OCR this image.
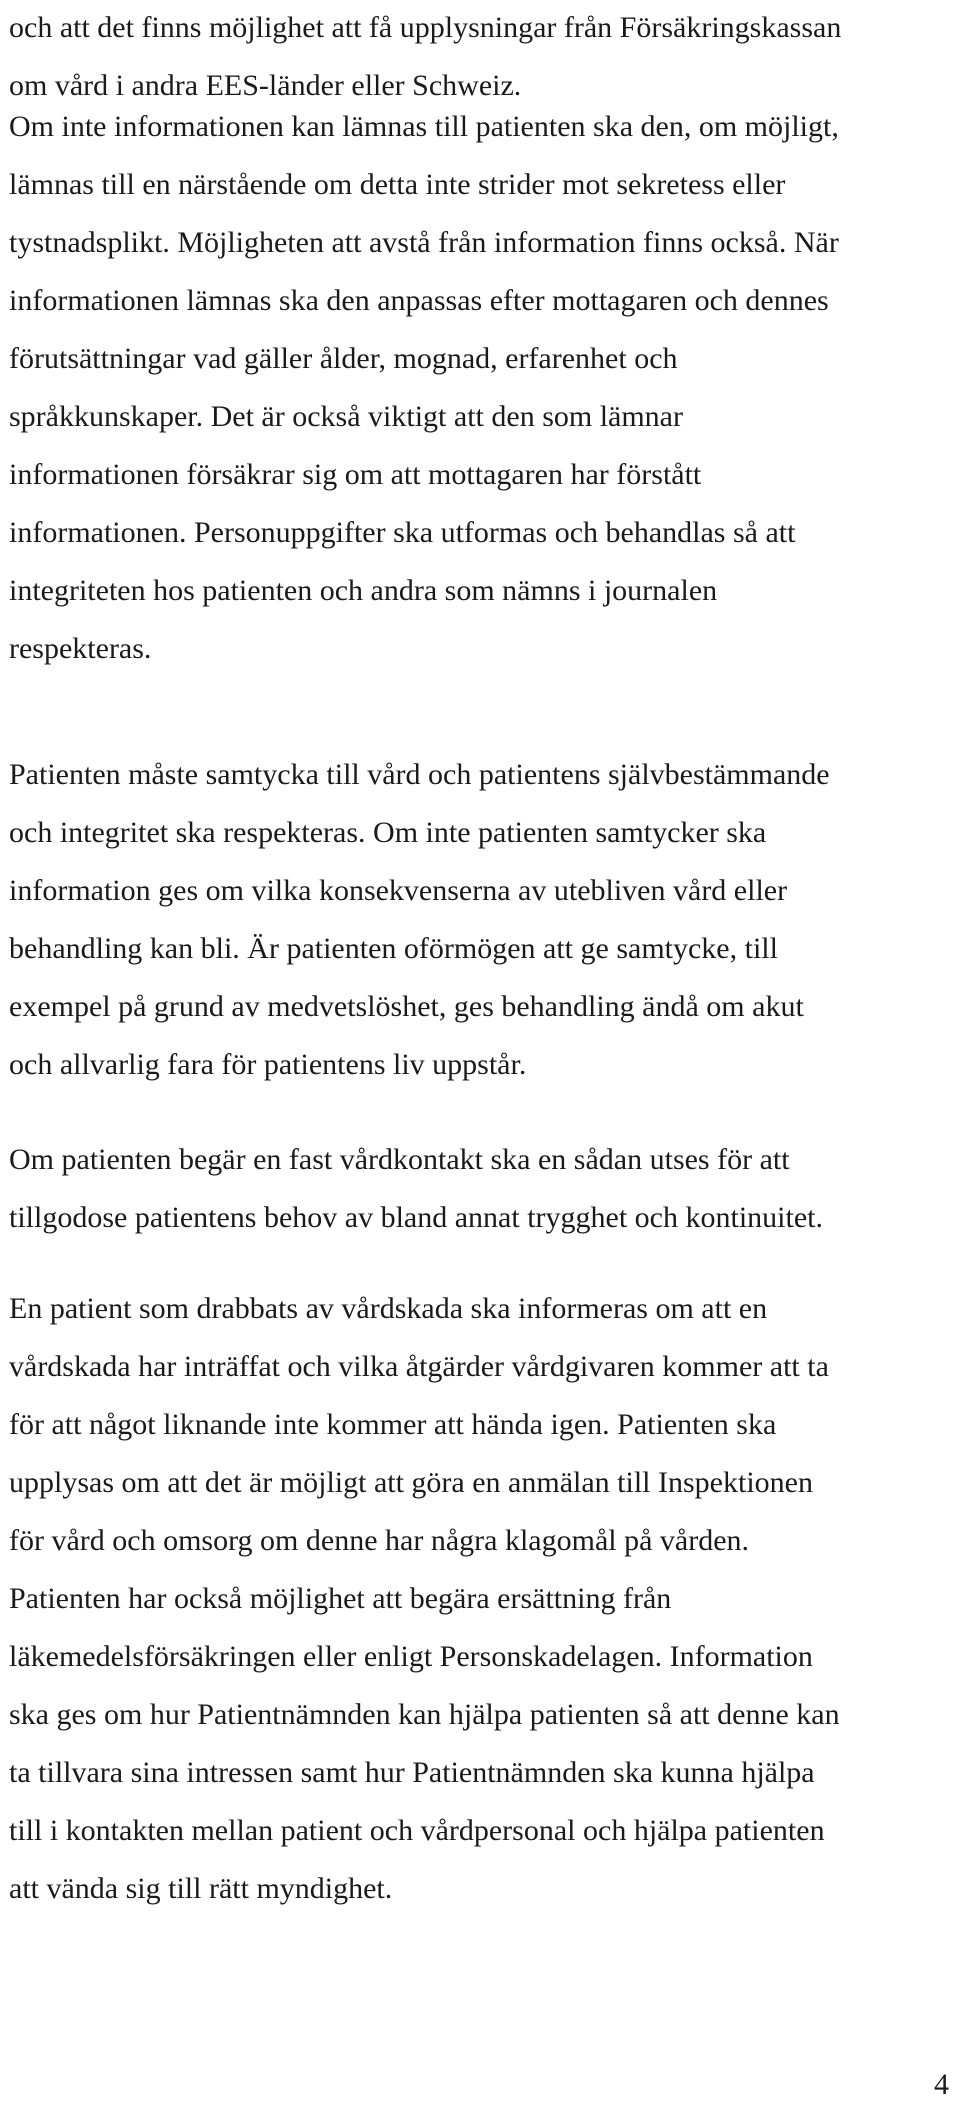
och att det finns möjlighet att få upplysningar från Försäkringskassan
om vård i andra EES-länder eller Schweiz.

Om inte informationen kan lämnas till patienten ska den, om möjligt,
lämnas till en närstående om detta inte strider mot sekretess eller
tystnadsplikt. Möjligheten att avstå från information finns också. När
informationen lämnas ska den anpassas efter mottagaren och dennes
förutsättningar vad gäller ålder, mognad, erfarenhet och
språkkunskaper. Det är också viktigt att den som lämnar
informationen försäkrar sig om att mottagaren har förstått
informationen. Personuppgifter ska utformas och behandlas så att
integriteten hos patienten och andra som nämns i journalen
respekteras.

Patienten måste samtycka till vård och patientens självbestämmande
och integritet ska respekteras. Om inte patienten samtycker ska
information ges om vilka konsekvenserna av utebliven vård eller
behandling kan bli. Är patienten oförmögen att ge samtycke, till
exempel på grund av medvetslöshet, ges behandling ändå om akut
och allvarlig fara för patientens liv uppstår.

Om patienten begär en fast vårdkontakt ska en sådan utses för att
tillgodose patientens behov av bland annat trygghet och kontinuitet.

En patient som drabbats av vårdskada ska informeras om att en
vårdskada har inträffat och vilka åtgärder vårdgivaren kommer att ta
för att något liknande inte kommer att hända igen. Patienten ska
upplysas om att det är möjligt att göra en anmälan till Inspektionen
för vård och omsorg om denne har några klagomål på vården.
Patienten har också möjlighet att begära ersättning från
läkemedelsförsäkringen eller enligt Personskadelagen. Information
ska ges om hur Patientnämnden kan hjälpa patienten så att denne kan
ta tillvara sina intressen samt hur Patientnämnden ska kunna hjälpa
till i kontakten mellan patient och vårdpersonal och hjälpa patienten
att vända sig till rätt myndighet.

4
